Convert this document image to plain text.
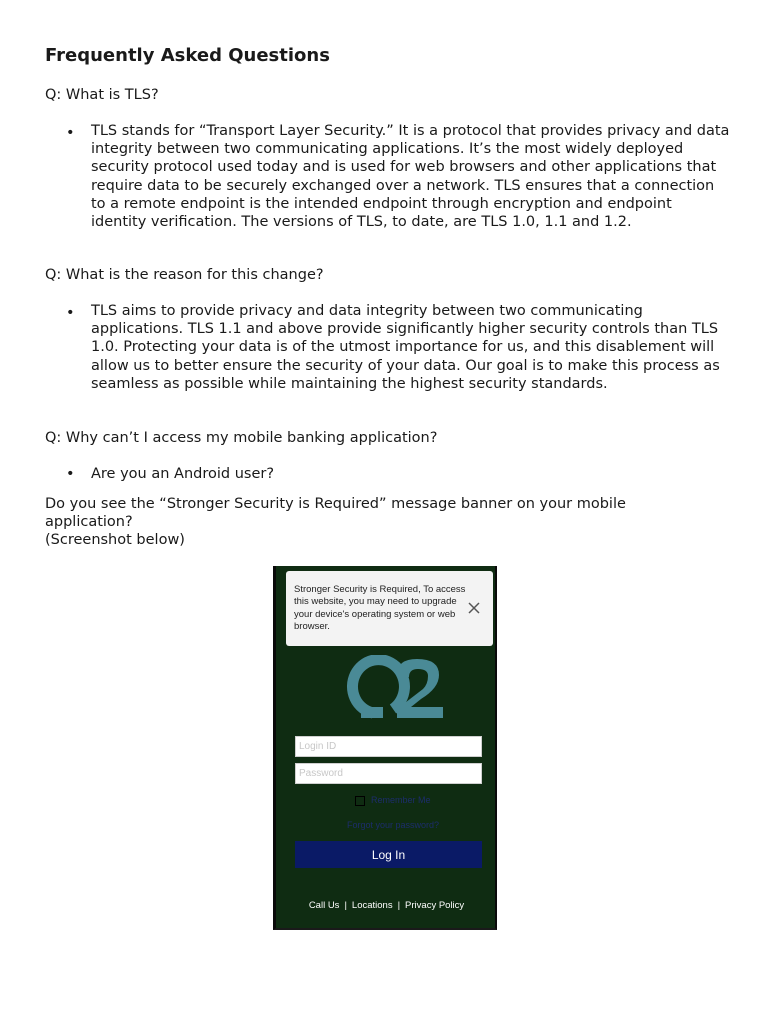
Frequently Asked Questions

Q: What is TLS?

• TLS stands for “Transport Layer Security.” It is a protocol that provides privacy and data integrity between two communicating applications. It’s the most widely deployed security protocol used today and is used for web browsers and other applications that require data to be securely exchanged over a network. TLS ensures that a connection to a remote endpoint is the intended endpoint through encryption and endpoint identity verification. The versions of TLS, to date, are TLS 1.0, 1.1 and 1.2.

Q: What is the reason for this change?

• TLS aims to provide privacy and data integrity between two communicating applications. TLS 1.1 and above provide significantly higher security controls than TLS 1.0. Protecting your data is of the utmost importance for us, and this disablement will allow us to better ensure the security of your data. Our goal is to make this process as seamless as possible while maintaining the highest security standards.

Q: Why can’t I access my mobile banking application?

• Are you an Android user?

Do you see the “Stronger Security is Required” message banner on your mobile

application?

(Screenshot below)

Stronger Security is Required, To access this website, you may need to upgrade your device's operating system or web browser.

Login ID
Remember Me
Forgot your password?
Log In
Call Us | Locations | Privacy Policy
